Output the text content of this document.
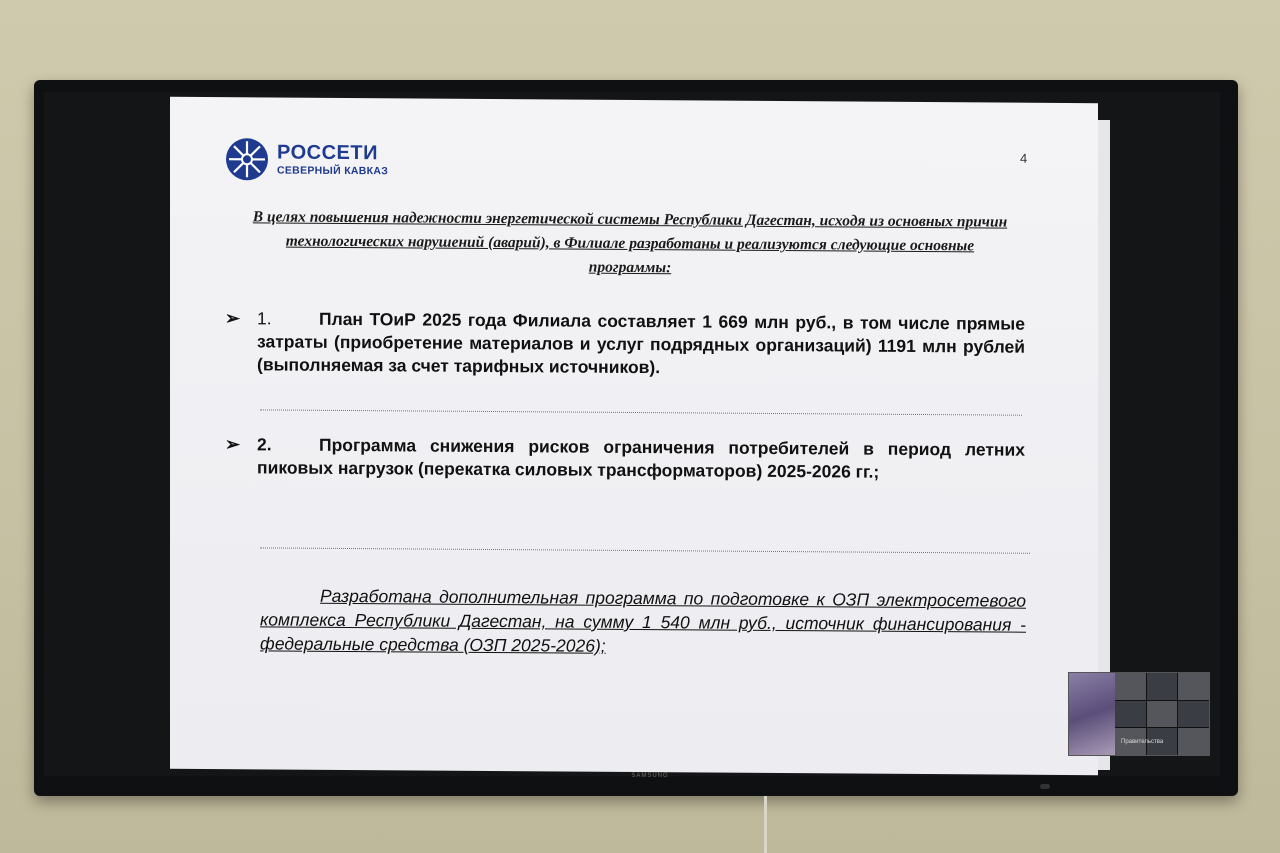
SAMSUNG
РОССЕТИ
СЕВЕРНЫЙ КАВКАЗ
4
В целях повышения надежности энергетической системы Республики Дагестан, исходя из основных причин технологических нарушений (аварий), в Филиале разработаны и реализуются следующие основные программы:
➢ 1.	План ТОиР 2025 года Филиала составляет 1 669 млн руб., в том числе прямые затраты (приобретение материалов и услуг подрядных организаций) 1191 млн рублей (выполняемая за счет тарифных источников).
➢ 2.	Программа снижения рисков ограничения потребителей в период летних пиковых нагрузок (перекатка силовых трансформаторов) 2025-2026 гг.;
Разработана дополнительная программа по подготовке к ОЗП электросетевого комплекса Республики Дагестан, на сумму 1 540 млн руб., источник финансирования - федеральные средства (ОЗП 2025-2026);
Правительства
